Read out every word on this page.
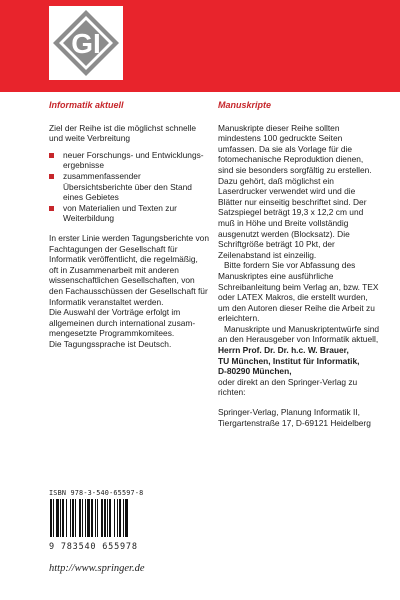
GI
Informatik aktuell

Ziel der Reihe ist die möglichst schnelle und weite Verbreitung

neuer Forschungs- und Entwicklungsergebnisse
zusammenfassender Übersichtsberichte über den Stand eines Gebietes
von Materialien und Texten zur Weiterbildung

In erster Linie werden Tagungsberichte von Fachtagungen der Gesellschaft für Informatik veröffentlicht, die regelmäßig, oft in Zusammenarbeit mit anderen wissenschaftlichen Gesellschaften, von den Fachausschüssen der Gesellschaft für Informatik veranstaltet werden.

Die Auswahl der Vorträge erfolgt im allgemeinen durch international zusammengesetzte Programmkomitees.

Die Tagungssprache ist Deutsch.

Manuskripte

Manuskripte dieser Reihe sollten mindestens 100 gedruckte Seiten umfassen. Da sie als Vorlage für die fotomechanische Reproduktion dienen, sind sie besonders sorgfältig zu erstellen. Dazu gehört, daß möglichst ein Laserdrucker verwendet wird und die Blätter nur einseitig beschriftet sind. Der Satzspiegel beträgt 19,3 x 12,2 cm und muß in Höhe und Breite vollständig ausgenutzt werden (Blocksatz). Die Schriftgröße beträgt 10 Pkt, der Zeilenabstand ist einzeilig.

Bitte fordern Sie vor Abfassung des Manuskriptes eine ausführliche Schreibanleitung beim Verlag an, bzw. TEX oder LATEX Makros, die erstellt wurden, um den Autoren dieser Reihe die Arbeit zu erleichtern.

Manuskripte und Manuskriptentwürfe sind an den Herausgeber von Informatik aktuell,

Herrn Prof. Dr. Dr. h.c. W. Brauer,

TU München, Institut für Informatik,

D-80290 München,

oder direkt an den Springer-Verlag zu richten:

Springer-Verlag, Planung Informatik II, Tiergartenstraße 17, D-69121 Heidelberg

ISBN 978-3-540-65597-8
9 783540 655978
http://www.springer.de
